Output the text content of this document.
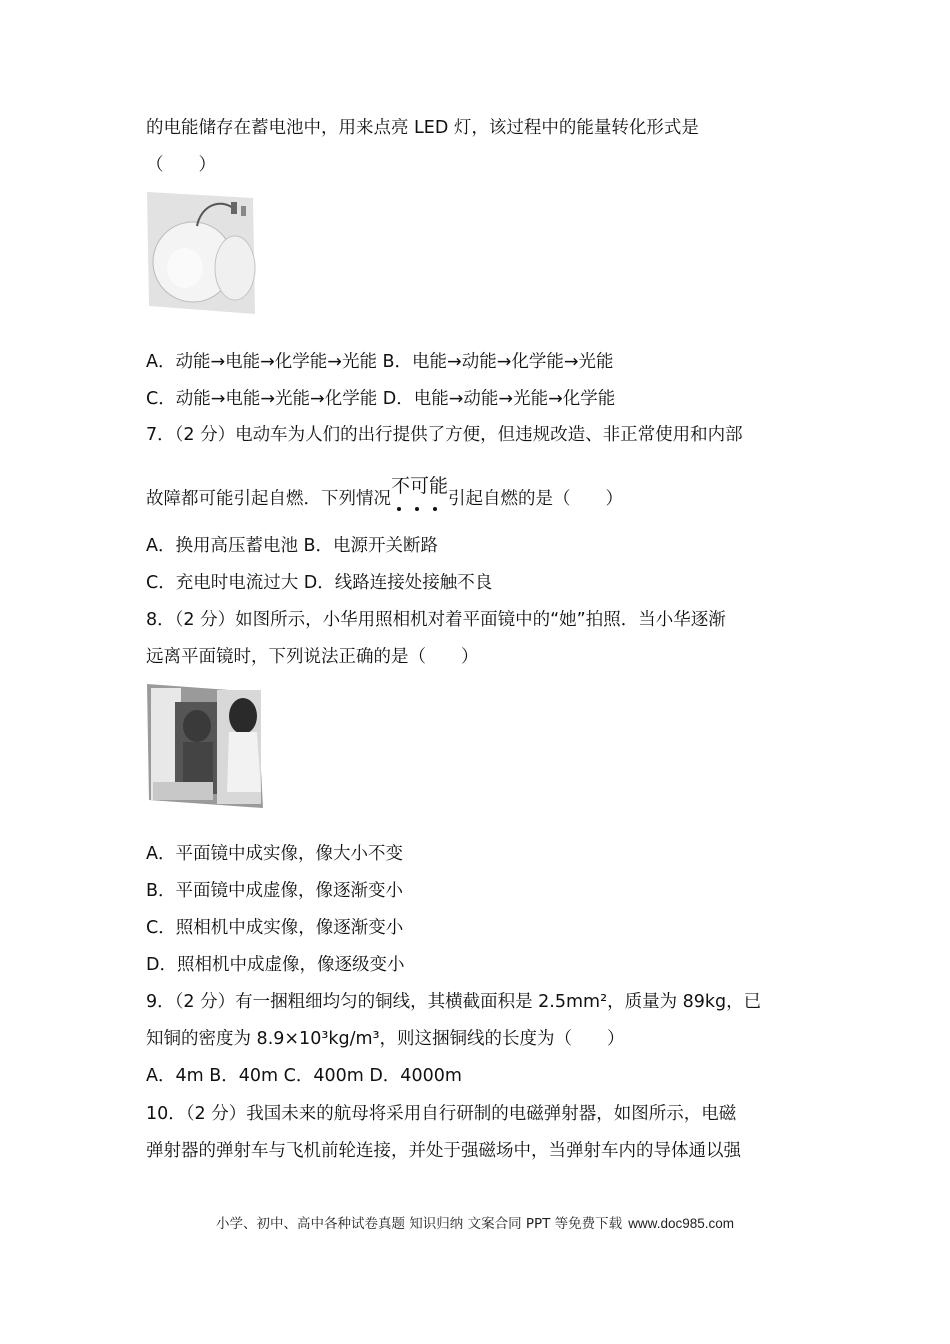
的电能储存在蓄电池中，用来点亮 LED 灯，该过程中的能量转化形式是
（　　）
A．动能→电能→化学能→光能 B．电能→动能→化学能→光能
C．动能→电能→光能→化学能 D．电能→动能→光能→化学能
7．（2 分）电动车为人们的出行提供了方便，但违规改造、非正常使用和内部
故障都可能引起自燃．下列情况不可能
引起自燃的是（　　）
A．换用高压蓄电池 B．电源开关断路
C．充电时电流过大 D．线路连接处接触不良
8．（2 分）如图所示，小华用照相机对着平面镜中的“她”拍照．当小华逐渐
远离平面镜时，下列说法正确的是（　　）
A．平面镜中成实像，像大小不变
B．平面镜中成虚像，像逐渐变小
C．照相机中成实像，像逐渐变小
D．照相机中成虚像，像逐级变小
9．（2 分）有一捆粗细均匀的铜线，其横截面积是 2.5mm²，质量为 89kg，已
知铜的密度为 8.9×10³kg/m³，则这捆铜线的长度为（　　）
A．4m B．40m C．400m D．4000m
10．（2 分）我国未来的航母将采用自行研制的电磁弹射器，如图所示，电磁
弹射器的弹射车与飞机前轮连接，并处于强磁场中，当弹射车内的导体通以强
小学、初中、高中各种试卷真题 知识归纳 文案合同 PPT 等免费下载 www.doc985.com
